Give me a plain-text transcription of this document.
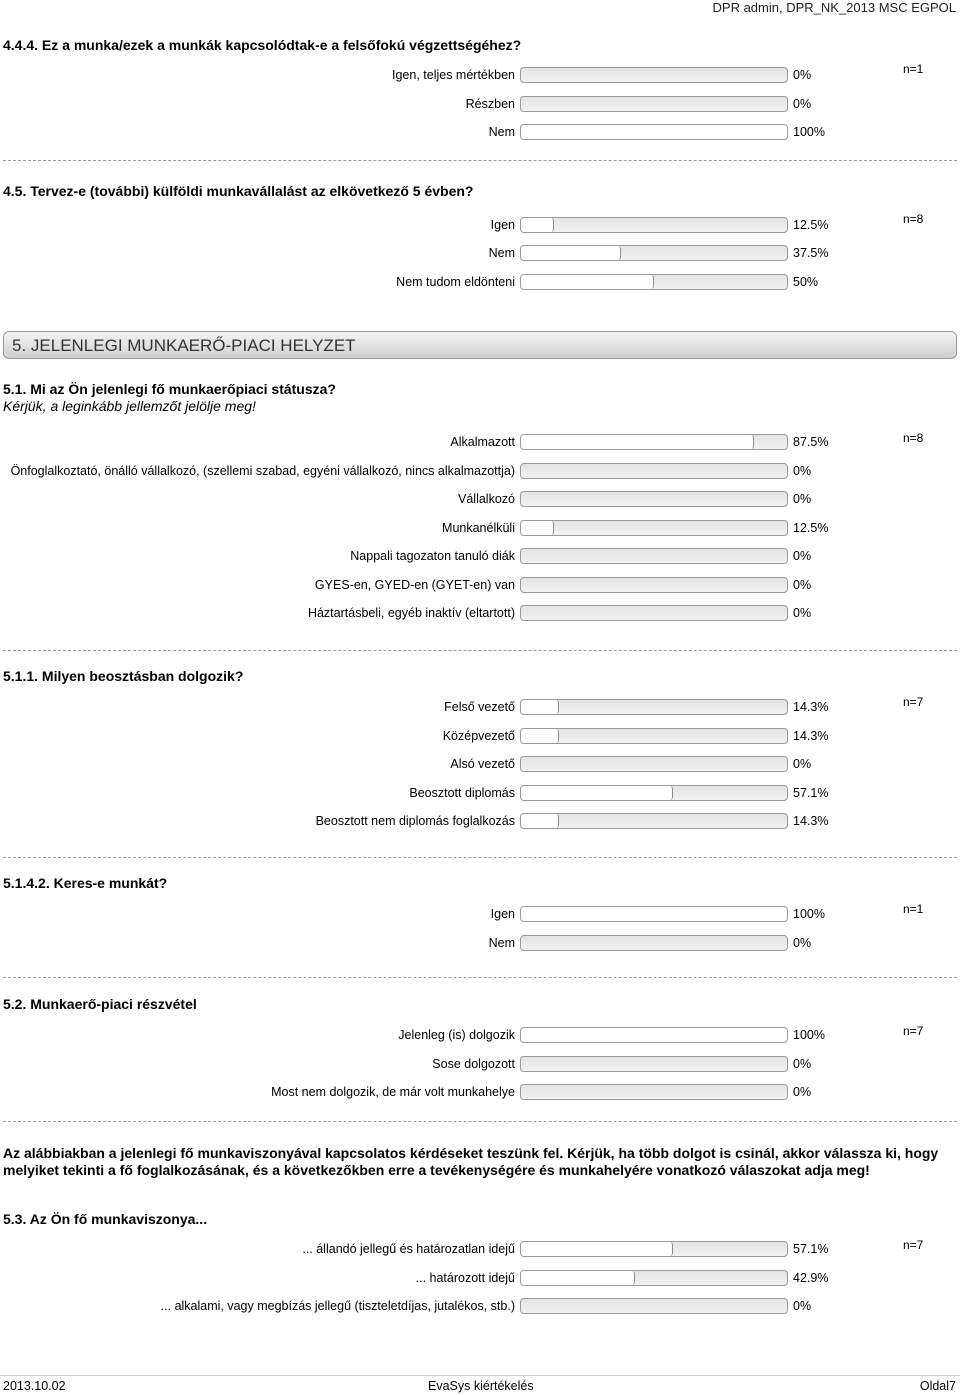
DPR admin, DPR_NK_2013 MSC EGPOL
4.4.4. Ez a munka/ezek a munkák kapcsolódtak-e a felsőfokú végzettségéhez?
n=1
Igen, teljes mértékben	0%
Részben	0%
Nem	100%
4.5. Tervez-e (további) külföldi munkavállalást az elkövetkező 5 évben?
n=8
Igen	12.5%
Nem	37.5%
Nem tudom eldönteni	50%
5. JELENLEGI MUNKAERŐ-PIACI HELYZET
5.1. Mi az Ön jelenlegi fő munkaerőpiaci státusza?
Kérjük, a leginkább jellemzőt jelölje meg!
n=8
Alkalmazott	87.5%
Önfoglalkoztató, önálló vállalkozó, (szellemi szabad, egyéni vállalkozó, nincs alkalmazottja)	0%
Vállalkozó	0%
Munkanélküli	12.5%
Nappali tagozaton tanuló diák	0%
GYES-en, GYED-en (GYET-en) van	0%
Háztartásbeli, egyéb inaktív (eltartott)	0%
5.1.1. Milyen beosztásban dolgozik?
n=7
Felső vezető	14.3%
Középvezető	14.3%
Alsó vezető	0%
Beosztott diplomás	57.1%
Beosztott nem diplomás foglalkozás	14.3%
5.1.4.2. Keres-e munkát?
n=1
Igen	100%
Nem	0%
5.2. Munkaerő-piaci részvétel
n=7
Jelenleg (is) dolgozik	100%
Sose dolgozott	0%
Most nem dolgozik, de már volt munkahelye	0%
Az alábbiakban a jelenlegi fő munkaviszonyával kapcsolatos kérdéseket teszünk fel. Kérjük, ha több dolgot is csinál, akkor válassza ki, hogy melyiket tekinti a fő foglalkozásának, és a következőkben erre a tevékenységére és munkahelyére vonatkozó válaszokat adja meg!
5.3. Az Ön fő munkaviszonya...
n=7
... állandó jellegű és határozatlan idejű	57.1%
... határozott idejű	42.9%
... alkalami, vagy megbízás jellegű (tiszteletdíjas, jutalékos, stb.)	0%
2013.10.02	EvaSys kiértékelés	Oldal7
